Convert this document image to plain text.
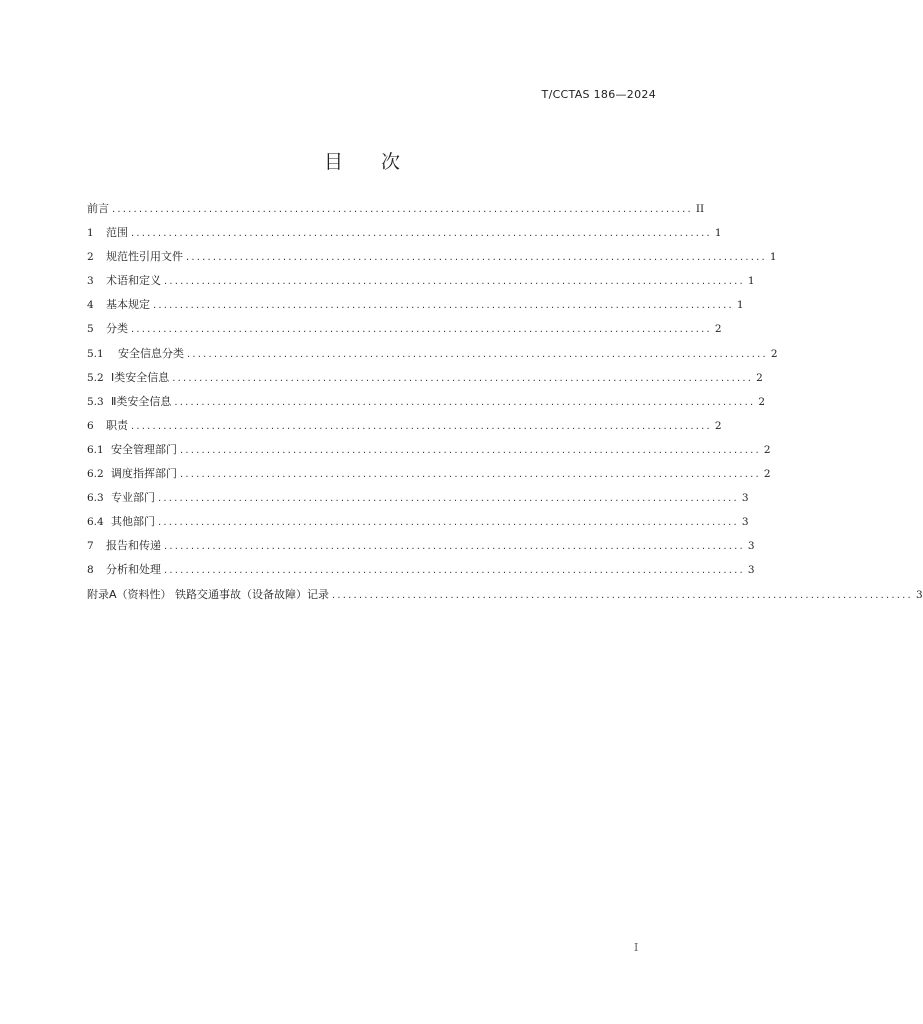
T/CCTAS 186—2024
目 次
前言 ............................................................................................................ II
1	范围 ............................................................................................................ 1
2	规范性引用文件 ............................................................................................................ 1
3	术语和定义 ............................................................................................................ 1
4	基本规定 ............................................................................................................ 1
5	分类 ............................................................................................................ 2
5.1	安全信息分类 ............................................................................................................ 2
5.2 Ⅰ类安全信息 ............................................................................................................ 2
5.3 Ⅱ类安全信息 ............................................................................................................ 2
6	职责 ............................................................................................................ 2
6.1 安全管理部门 ............................................................................................................ 2
6.2 调度指挥部门 ............................................................................................................ 2
6.3 专业部门 ............................................................................................................ 3
6.4 其他部门 ............................................................................................................ 3
7	报告和传递 ............................................................................................................ 3
8	分析和处理 ............................................................................................................ 3
附录A（资料性） 铁路交通事故（设备故障）记录 ............................................................................................................ 3
I
